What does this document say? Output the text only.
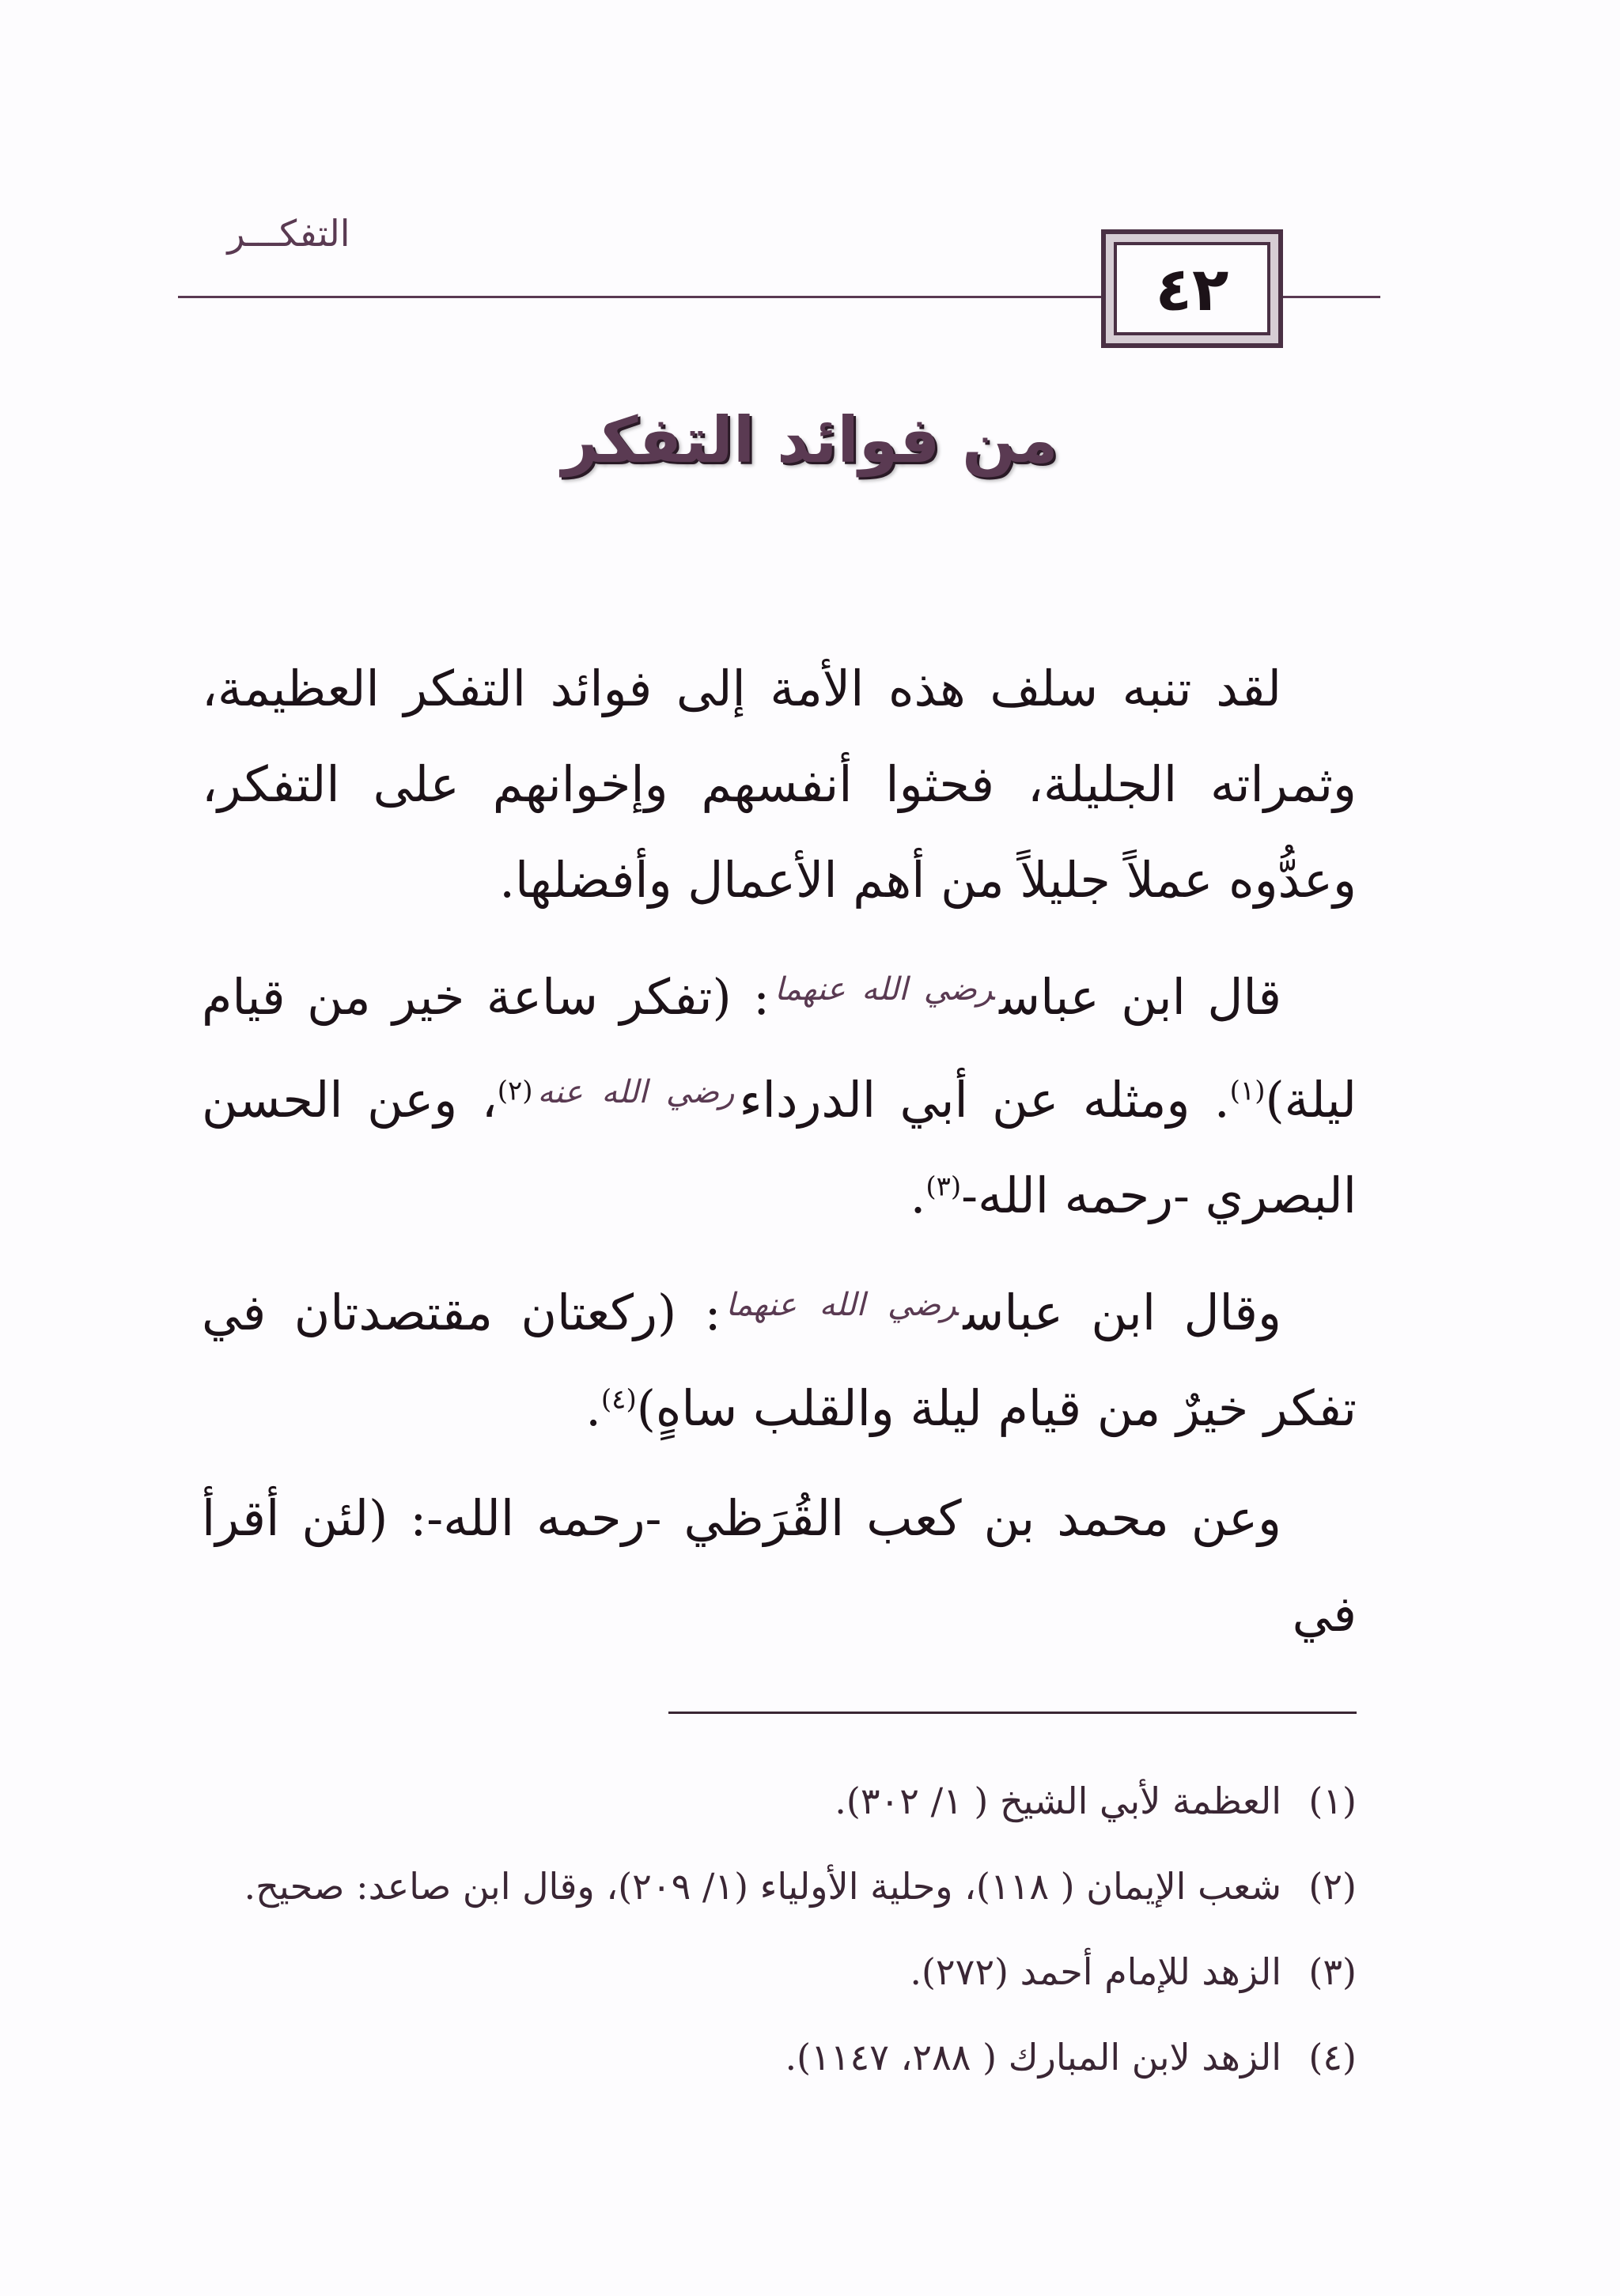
التفكـــر
٤٢
من فوائد التفكر

لقد تنبه سلف هذه الأمة إلى فوائد التفكر العظيمة، وثمراته الجليلة، فحثوا أنفسهم وإخوانهم على التفكر، وعدُّوه عملاً جليلاً من أهم الأعمال وأفضلها.

قال ابن عباس$^{رضي الله عنهما}$: (تفكر ساعة خير من قيام ليلة)$^{(١)}$. ومثله عن أبي الدرداء$^{رضي الله عنه(٢)}$، وعن الحسن البصري -رحمه الله-$^{(٣)}$.

وقال ابن عباس$^{رضي الله عنهما}$: (ركعتان مقتصدتان في تفكر خيرٌ من قيام ليلة والقلب ساهٍ)$^{(٤)}$.

وعن محمد بن كعب القُرَظي -رحمه الله-: (لئن أقرأ في

(١)
العظمة لأبي الشيخ ( ١/ ٣٠٢).
(٢)
شعب الإيمان ( ١١٨)، وحلية الأولياء (١/ ٢٠٩)، وقال ابن صاعد: صحيح.
(٣)
الزهد للإمام أحمد (٢٧٢).
(٤)
الزهد لابن المبارك ( ٢٨٨، ١١٤٧).
